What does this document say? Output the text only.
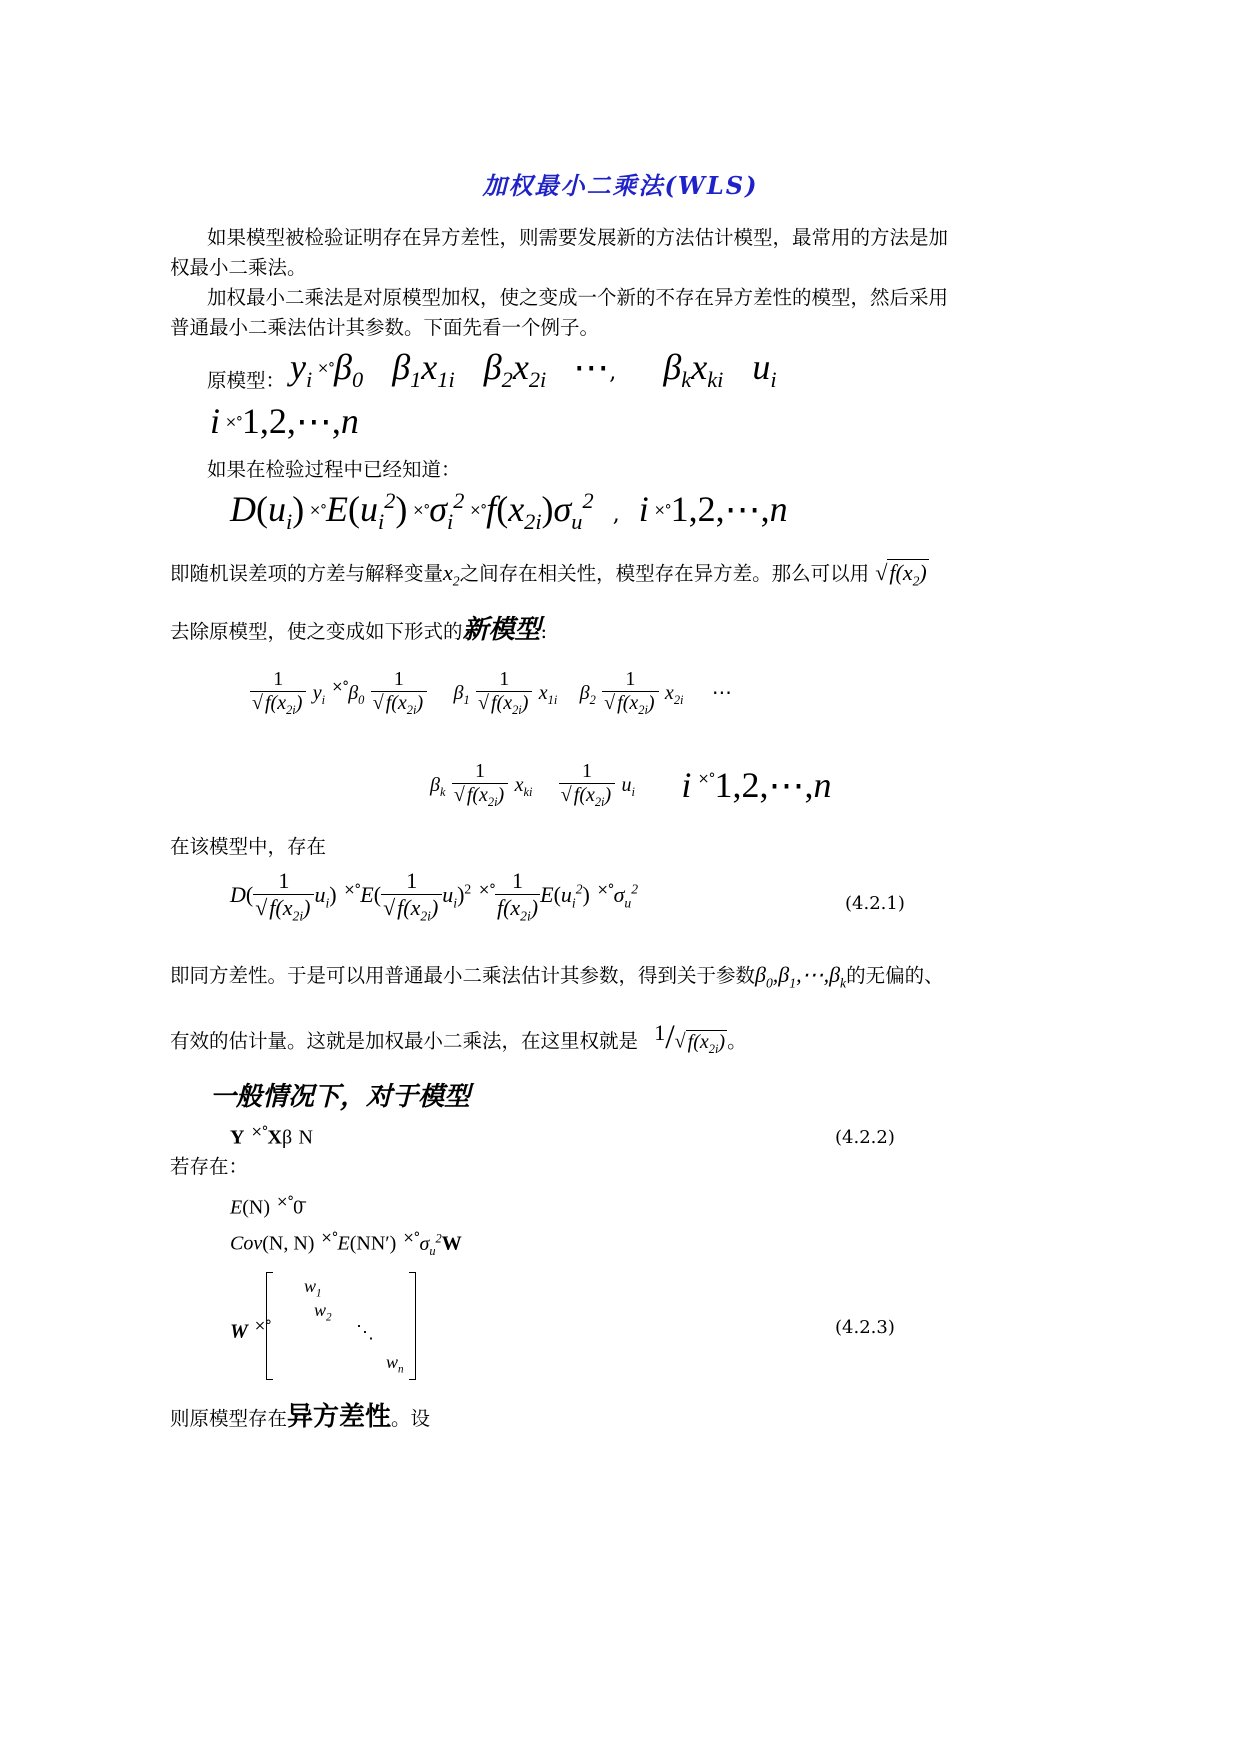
加权最小二乘法(WLS)
如果模型被检验证明存在异方差性，则需要发展新的方法估计模型，最常用的方法是加
权最小二乘法。
加权最小二乘法是对原模型加权，使之变成一个新的不存在异方差性的模型，然后采用
普通最小二乘法估计其参数。下面先看一个例子。
原模型： $y_i \times^\circ\beta_0$ $\beta_1x_{1i}$ $\beta_2x_{2i}$ ⋯, $\beta_kx_{ki}$ $u_i$
i ×°1,2,⋯,n
如果在检验过程中已经知道：
$D(u_i) \times^\circ E(u_i^2) \times^\circ\sigma_i^2 \times^\circ f(x_{2i})\sigma_u^2$ , i ×°1,2,⋯,n
即随机误差项的方差与解释变量$x_2$之间存在相关性，模型存在异方差。那么可以用 $√f(x_2)$
去除原模型，使之变成如下形式的新模型:
$\frac{1}{√ f(x_{2i})} y_i$ $^{\times^\circ}\beta_0 \frac{1}{√ f(x_{2i})} \beta_1 \frac{1}{√ f(x_{2i})} x_{1i}$ $\beta_2 \frac{1}{√ f(x_{2i})} x_{2i}$ ⋯
$\beta_k \frac{1}{√ f(x_{2i})} x_{ki} \frac{1}{√ f(x_{2i})} u_i$ i ×°1,2,⋯,n
在该模型中，存在
$D( \frac{1}{√f(x_{2i})} u_i)$ $^{\times^\circ}E( \frac{1}{√f(x_{2i})} u_i)^2$ $^{\times^\circ} \frac{1}{f(x_{2i})} E(u_i^2)$ $^{\times^\circ}\sigma_u^2$
(4.2.1)
即同方差性。于是可以用普通最小二乘法估计其参数，得到关于参数$\beta_0,\beta_1,\cdots,\beta_k$的无偏的、
有效的估计量。这就是加权最小二乘法，在这里权就是 1/√ $f(x_{2i})$ 。
一般情况下，对于模型
Y ×°Xβ N	(4.2.2)
若存在：
E(N) ×°0̄
Cov(N, N) ×°E(NN′) $^{\times^\circ}\sigma_u^2W$
W ×°
$w_1$
$w_2$
⋱
$w_n$
(4.2.3)
则原模型存在异方差性。设
